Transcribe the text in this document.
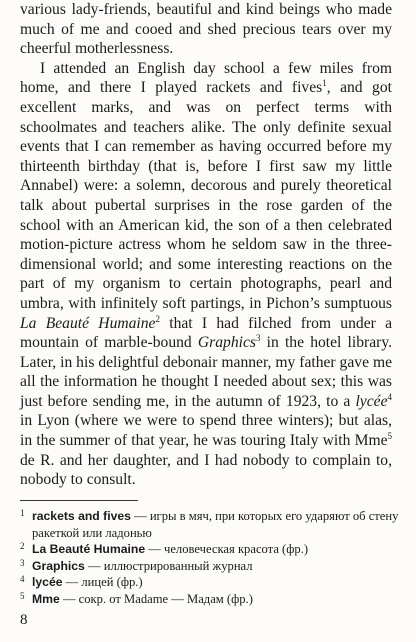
various lady-friends, beautiful and kind beings who made much of me and cooed and shed precious tears over my cheerful motherlessness.

I attended an English day school a few miles from home, and there I played rackets and fives$^1$, and got excellent marks, and was on perfect terms with schoolmates and teachers alike. The only definite sexual events that I can remember as having occurred before my thirteenth birthday (that is, before I first saw my little Annabel) were: a solemn, decorous and purely theoretical talk about pubertal surprises in the rose garden of the school with an American kid, the son of a then celebrated motion-picture actress whom he seldom saw in the three-dimensional world; and some interesting reactions on the part of my organism to certain photographs, pearl and umbra, with infinitely soft partings, in Pichon’s sumptuous La Beauté Humaine$^2$ that I had filched from under a mountain of marble-bound Graphics$^3$ in the hotel library. Later, in his delightful debonair manner, my father gave me all the information he thought I needed about sex; this was just before sending me, in the autumn of 1923, to a lycée$^4$ in Lyon (where we were to spend three winters); but alas, in the summer of that year, he was touring Italy with Mme$^5$ de R. and her daughter, and I had nobody to complain to, nobody to consult.

1 rackets and fives — игры в мяч, при которых его ударяют об стену ракеткой или ладонью
2 La Beauté Humaine — человеческая красота (фр.)
3 Graphics — иллюстрированный журнал
4 lycée — лицей (фр.)
5 Mme — сокр. от Madame — Мадам (фр.)
8
